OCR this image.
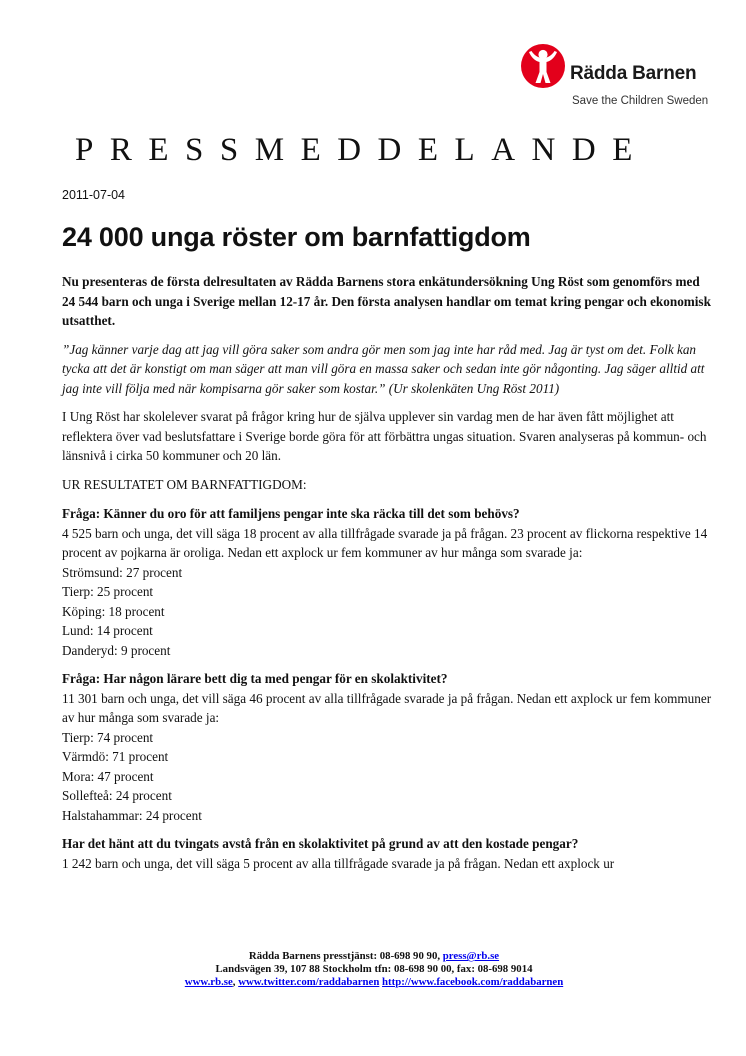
Rädda Barnen
Save the Children Sweden
PRESSMEDDELANDE
2011-07-04
24 000 unga röster om barnfattigdom

Nu presenteras de första delresultaten av Rädda Barnens stora enkätundersökning Ung Röst som genomförs med 24 544 barn och unga i Sverige mellan 12-17 år. Den första analysen handlar om temat kring pengar och ekonomisk utsatthet.

”Jag känner varje dag att jag vill göra saker som andra gör men som jag inte har råd med. Jag är tyst om det. Folk kan tycka att det är konstigt om man säger att man vill göra en massa saker och sedan inte gör någonting. Jag säger alltid att jag inte vill följa med när kompisarna gör saker som kostar.” (Ur skolenkäten Ung Röst 2011)

I Ung Röst har skolelever svarat på frågor kring hur de själva upplever sin vardag men de har även fått möjlighet att reflektera över vad beslutsfattare i Sverige borde göra för att förbättra ungas situation. Svaren analyseras på kommun- och länsnivå i cirka 50 kommuner och 20 län.

UR RESULTATET OM BARNFATTIGDOM:

Fråga: Känner du oro för att familjens pengar inte ska räcka till det som behövs?
4 525 barn och unga, det vill säga 18 procent av alla tillfrågade svarade ja på frågan. 23 procent av flickorna respektive 14 procent av pojkarna är oroliga. Nedan ett axplock ur fem kommuner av hur många som svarade ja:
Strömsund: 27 procent
Tierp: 25 procent
Köping: 18 procent
Lund: 14 procent
Danderyd: 9 procent
Fråga: Har någon lärare bett dig ta med pengar för en skolaktivitet?
11 301 barn och unga, det vill säga 46 procent av alla tillfrågade svarade ja på frågan. Nedan ett axplock ur fem kommuner av hur många som svarade ja:
Tierp: 74 procent
Värmdö: 71 procent
Mora: 47 procent
Sollefteå: 24 procent
Halstahammar: 24 procent
Har det hänt att du tvingats avstå från en skolaktivitet på grund av att den kostade pengar?
1 242 barn och unga, det vill säga 5 procent av alla tillfrågade svarade ja på frågan. Nedan ett axplock ur
Rädda Barnens presstjänst: 08-698 90 90, press@rb.se
Landsvägen 39, 107 88 Stockholm tfn: 08-698 90 00, fax: 08-698 9014
www.rb.se, www.twitter.com/raddabarnen http://www.facebook.com/raddabarnen
